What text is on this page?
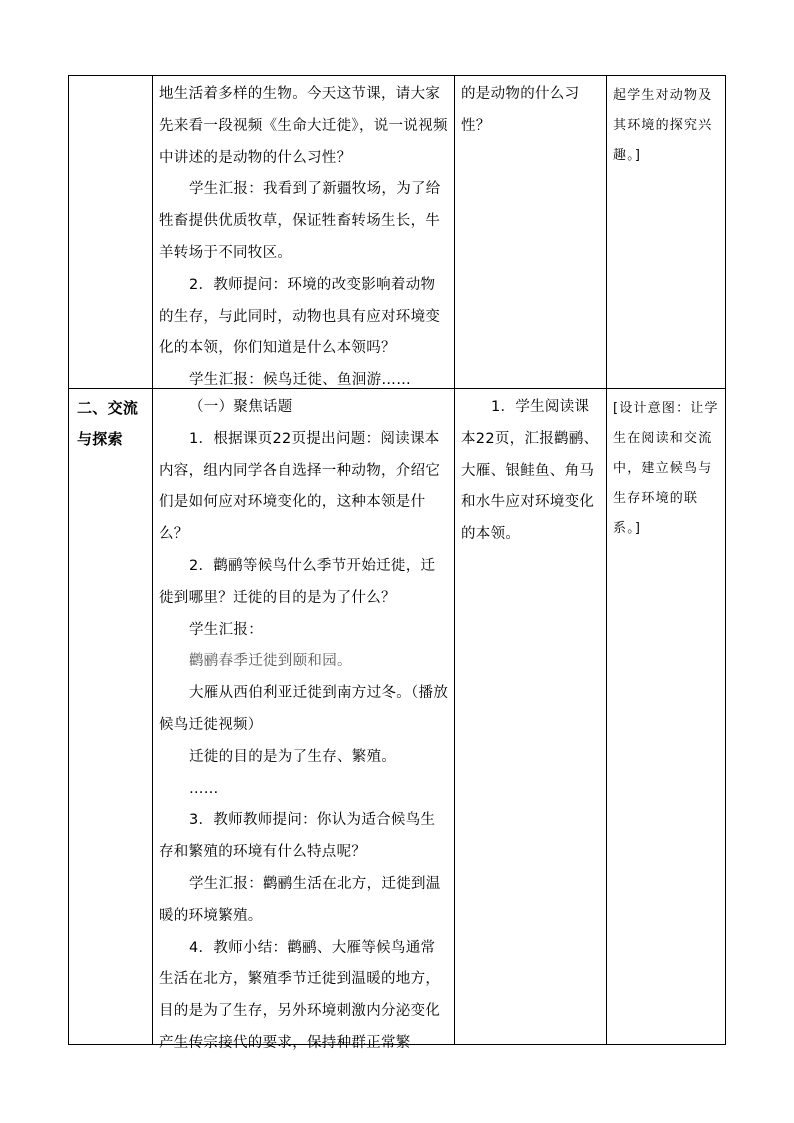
地生活着多样的生物。今天这节课，请大家先来看一段视频《生命大迁徙》，说一说视频中讲述的是动物的什么习性？

学生汇报：我看到了新疆牧场，为了给牲畜提供优质牧草，保证牲畜转场生长，牛羊转场于不同牧区。

2．教师提问：环境的改变影响着动物的生存，与此同时，动物也具有应对环境变化的本领，你们知道是什么本领吗？

学生汇报：候鸟迁徙、鱼洄游……

的是动物的什么习性？
起学生对动物及其环境的探究兴趣。]
二、交流与探索

（一）聚焦话题

1．根据课页22页提出问题：阅读课本内容，组内同学各自选择一种动物，介绍它们是如何应对环境变化的，这种本领是什么？

2．鹳鹂等候鸟什么季节开始迁徙，迁徙到哪里？迁徙的目的是为了什么？

学生汇报：

鹳鹂春季迁徙到颐和园。

大雁从西伯利亚迁徙到南方过冬。（播放候鸟迁徙视频）

迁徙的目的是为了生存、繁殖。

……

3．教师教师提问：你认为适合候鸟生存和繁殖的环境有什么特点呢？

学生汇报：鹳鹂生活在北方，迁徙到温暖的环境繁殖。

4．教师小结：鹳鹂、大雁等候鸟通常生活在北方，繁殖季节迁徙到温暖的地方，目的是为了生存，另外环境刺激内分泌变化产生传宗接代的要求，保持种群正常繁

1．学生阅读课本22页，汇报鹳鹂、大雁、银鲑鱼、角马和水牛应对环境变化的本领。
[设计意图：让学生在阅读和交流中，建立候鸟与生存环境的联系。]
